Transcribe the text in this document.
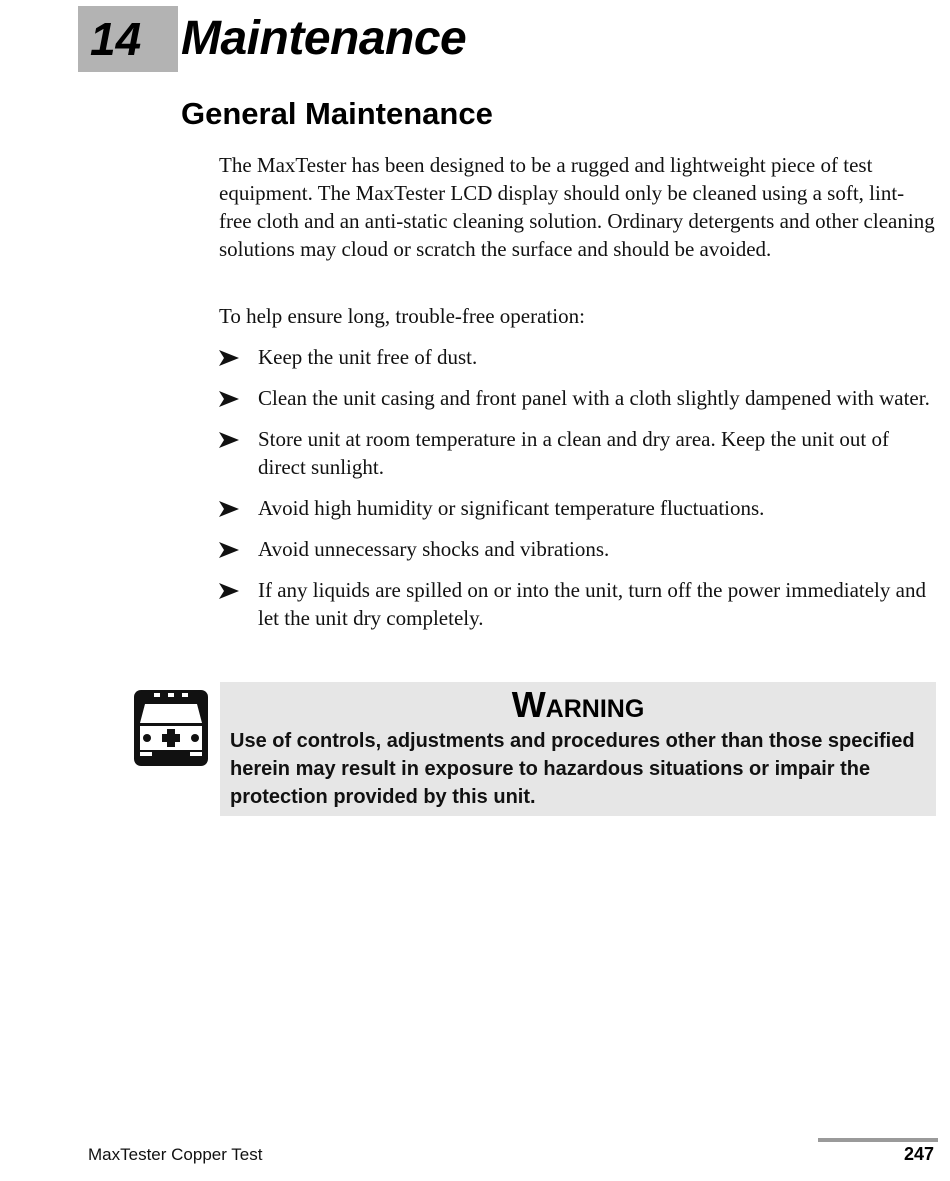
14 Maintenance
General Maintenance

The MaxTester has been designed to be a rugged and lightweight piece of test equipment. The MaxTester LCD display should only be cleaned using a soft, lint-free cloth and an anti-static cleaning solution. Ordinary detergents and other cleaning solutions may cloud or scratch the surface and should be avoided.

To help ensure long, trouble-free operation:

Keep the unit free of dust.
Clean the unit casing and front panel with a cloth slightly dampened with water.
Store unit at room temperature in a clean and dry area. Keep the unit out of direct sunlight.
Avoid high humidity or significant temperature fluctuations.
Avoid unnecessary shocks and vibrations.
If any liquids are spilled on or into the unit, turn off the power immediately and let the unit dry completely.
Warning
Use of controls, adjustments and procedures other than those specified herein may result in exposure to hazardous situations or impair the protection provided by this unit.
MaxTester Copper Test	247
